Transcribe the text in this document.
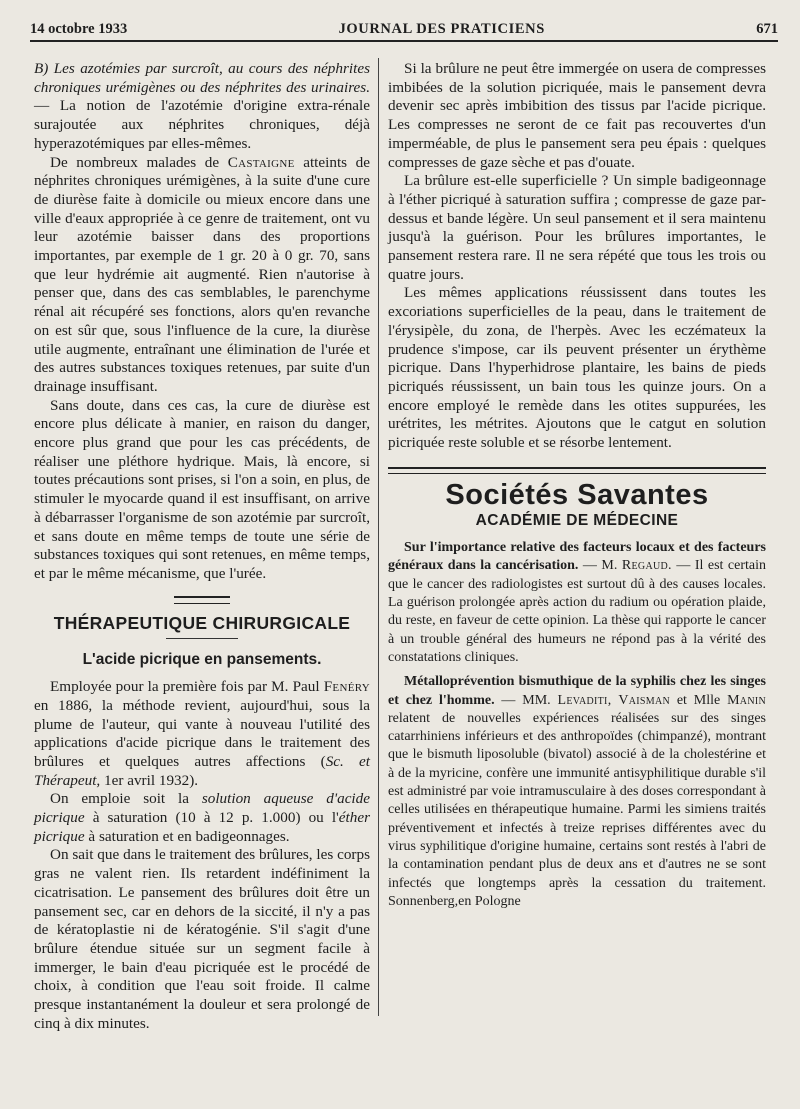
14 octobre 1933	JOURNAL DES PRATICIENS	671

B) Les azotémies par surcroît, au cours des néphrites chroniques urémigènes ou des néphrites des urinaires. — La notion de l'azotémie d'origine extra-rénale surajoutée aux néphrites chroniques, déjà hyperazotémiques par elles-mêmes.

De nombreux malades de Castaigne atteints de néphrites chroniques urémigènes, à la suite d'une cure de diurèse faite à domicile ou mieux encore dans une ville d'eaux appropriée à ce genre de traitement, ont vu leur azotémie baisser dans des proportions importantes, par exemple de 1 gr. 20 à 0 gr. 70, sans que leur hydrémie ait augmenté. Rien n'autorise à penser que, dans des cas semblables, le parenchyme rénal ait récupéré ses fonctions, alors qu'en revanche on est sûr que, sous l'influence de la cure, la diurèse utile augmente, entraînant une élimination de l'urée et des autres substances toxiques retenues, par suite d'un drainage insuffisant.

Sans doute, dans ces cas, la cure de diurèse est encore plus délicate à manier, en raison du danger, encore plus grand que pour les cas précédents, de réaliser une pléthore hydrique. Mais, là encore, si toutes précautions sont prises, si l'on a soin, en plus, de stimuler le myocarde quand il est insuffisant, on arrive à débarrasser l'organisme de son azotémie par surcroît, et sans doute en même temps de toute une série de substances toxiques qui sont retenues, en même temps, et par le même mécanisme, que l'urée.

THÉRAPEUTIQUE CHIRURGICALE
L'acide picrique en pansements.

Employée pour la première fois par M. Paul Fenéry en 1886, la méthode revient, aujourd'hui, sous la plume de l'auteur, qui vante à nouveau l'utilité des applications d'acide picrique dans le traitement des brûlures et quelques autres affections (Sc. et Thérapeut, 1er avril 1932).

On emploie soit la solution aqueuse d'acide picrique à saturation (10 à 12 p. 1.000) ou l'éther picrique à saturation et en badigeonnages.

On sait que dans le traitement des brûlures, les corps gras ne valent rien. Ils retardent indéfiniment la cicatrisation. Le pansement des brûlures doit être un pansement sec, car en dehors de la siccité, il n'y a pas de kératoplastie ni de kératogénie. S'il s'agit d'une brûlure étendue située sur un segment facile à immerger, le bain d'eau picriquée est le procédé de choix, à condition que l'eau soit froide. Il calme presque instantanément la douleur et sera prolongé de cinq à dix minutes.

Si la brûlure ne peut être immergée on usera de compresses imbibées de la solution picriquée, mais le pansement devra devenir sec après imbibition des tissus par l'acide picrique. Les compresses ne seront de ce fait pas recouvertes d'un imperméable, de plus le pansement sera peu épais : quelques compresses de gaze sèche et pas d'ouate.

La brûlure est-elle superficielle ? Un simple badigeonnage à l'éther picriqué à saturation suffira ; compresse de gaze par-dessus et bande légère. Un seul pansement et il sera maintenu jusqu'à la guérison. Pour les brûlures importantes, le pansement restera rare. Il ne sera répété que tous les trois ou quatre jours.

Les mêmes applications réussissent dans toutes les excoriations superficielles de la peau, dans le traitement de l'érysipèle, du zona, de l'herpès. Avec les eczémateux la prudence s'impose, car ils peuvent présenter un érythème picrique. Dans l'hyperhidrose plantaire, les bains de pieds picriqués réussissent, un bain tous les quinze jours. On a encore employé le remède dans les otites suppurées, les urétrites, les métrites. Ajoutons que le catgut en solution picriquée reste soluble et se résorbe lentement.

Sociétés Savantes
ACADÉMIE DE MÉDECINE

Sur l'importance relative des facteurs locaux et des facteurs généraux dans la cancérisation. — M. Regaud. — Il est certain que le cancer des radiologistes est surtout dû à des causes locales. La guérison prolongée après action du radium ou opération plaide, du reste, en faveur de cette opinion. La thèse qui rapporte le cancer à un trouble général des humeurs ne répond pas à la vérité des constatations cliniques.

Métalloprévention bismuthique de la syphilis chez les singes et chez l'homme. — MM. Levaditi, Vaisman et Mlle Manin relatent de nouvelles expériences réalisées sur des singes catarrhiniens inférieurs et des anthropoïdes (chimpanzé), montrant que le bismuth liposoluble (bivatol) associé à de la cholestérine et à de la myricine, confère une immunité antisyphilitique durable s'il est administré par voie intramusculaire à des doses correspondant à celles utilisées en thérapeutique humaine. Parmi les simiens traités préventivement et infectés à treize reprises différentes avec du virus syphilitique d'origine humaine, certains sont restés à l'abri de la contamination pendant plus de deux ans et d'autres ne se sont infectés que longtemps après la cessation du traitement. Sonnenberg,en Pologne
